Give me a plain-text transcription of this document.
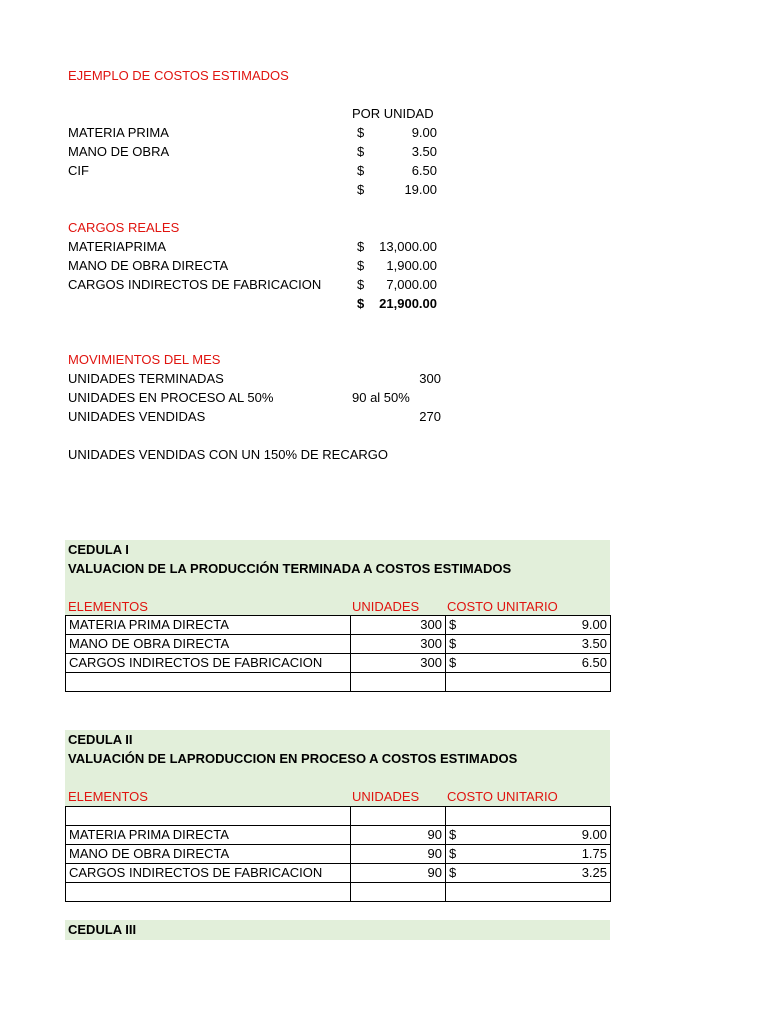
EJEMPLO DE COSTOS ESTIMADOS
POR UNIDAD
MATERIA PRIMA	$	9.00
MANO DE OBRA	$	3.50
CIF	$	6.50
$	19.00
CARGOS REALES
MATERIAPRIMA	$	13,000.00
MANO DE OBRA DIRECTA	$	1,900.00
CARGOS INDIRECTOS DE FABRICACION	$	7,000.00
$	21,900.00
MOVIMIENTOS DEL MES
UNIDADES TERMINADAS	300
UNIDADES EN PROCESO AL 50%	90 al 50%
UNIDADES VENDIDAS	270
UNIDADES VENDIDAS CON UN 150% DE RECARGO
CEDULA I
VALUACION DE LA PRODUCCIÓN TERMINADA A COSTOS ESTIMADOS
ELEMENTOS	UNIDADES COSTO UNITARIO
MATERIA PRIMA DIRECTA	300	$ 9.00

MANO DE OBRA DIRECTA	300	$ 3.50

CARGOS INDIRECTOS DE FABRICACION	300	$ 6.50

CEDULA II
VALUACIÓN DE LAPRODUCCION EN PROCESO A COSTOS ESTIMADOS
ELEMENTOS	UNIDADES COSTO UNITARIO

MATERIA PRIMA DIRECTA	90	$ 9.00

MANO DE OBRA DIRECTA	90	$ 1.75

CARGOS INDIRECTOS DE FABRICACION	90	$ 3.25

CEDULA III
